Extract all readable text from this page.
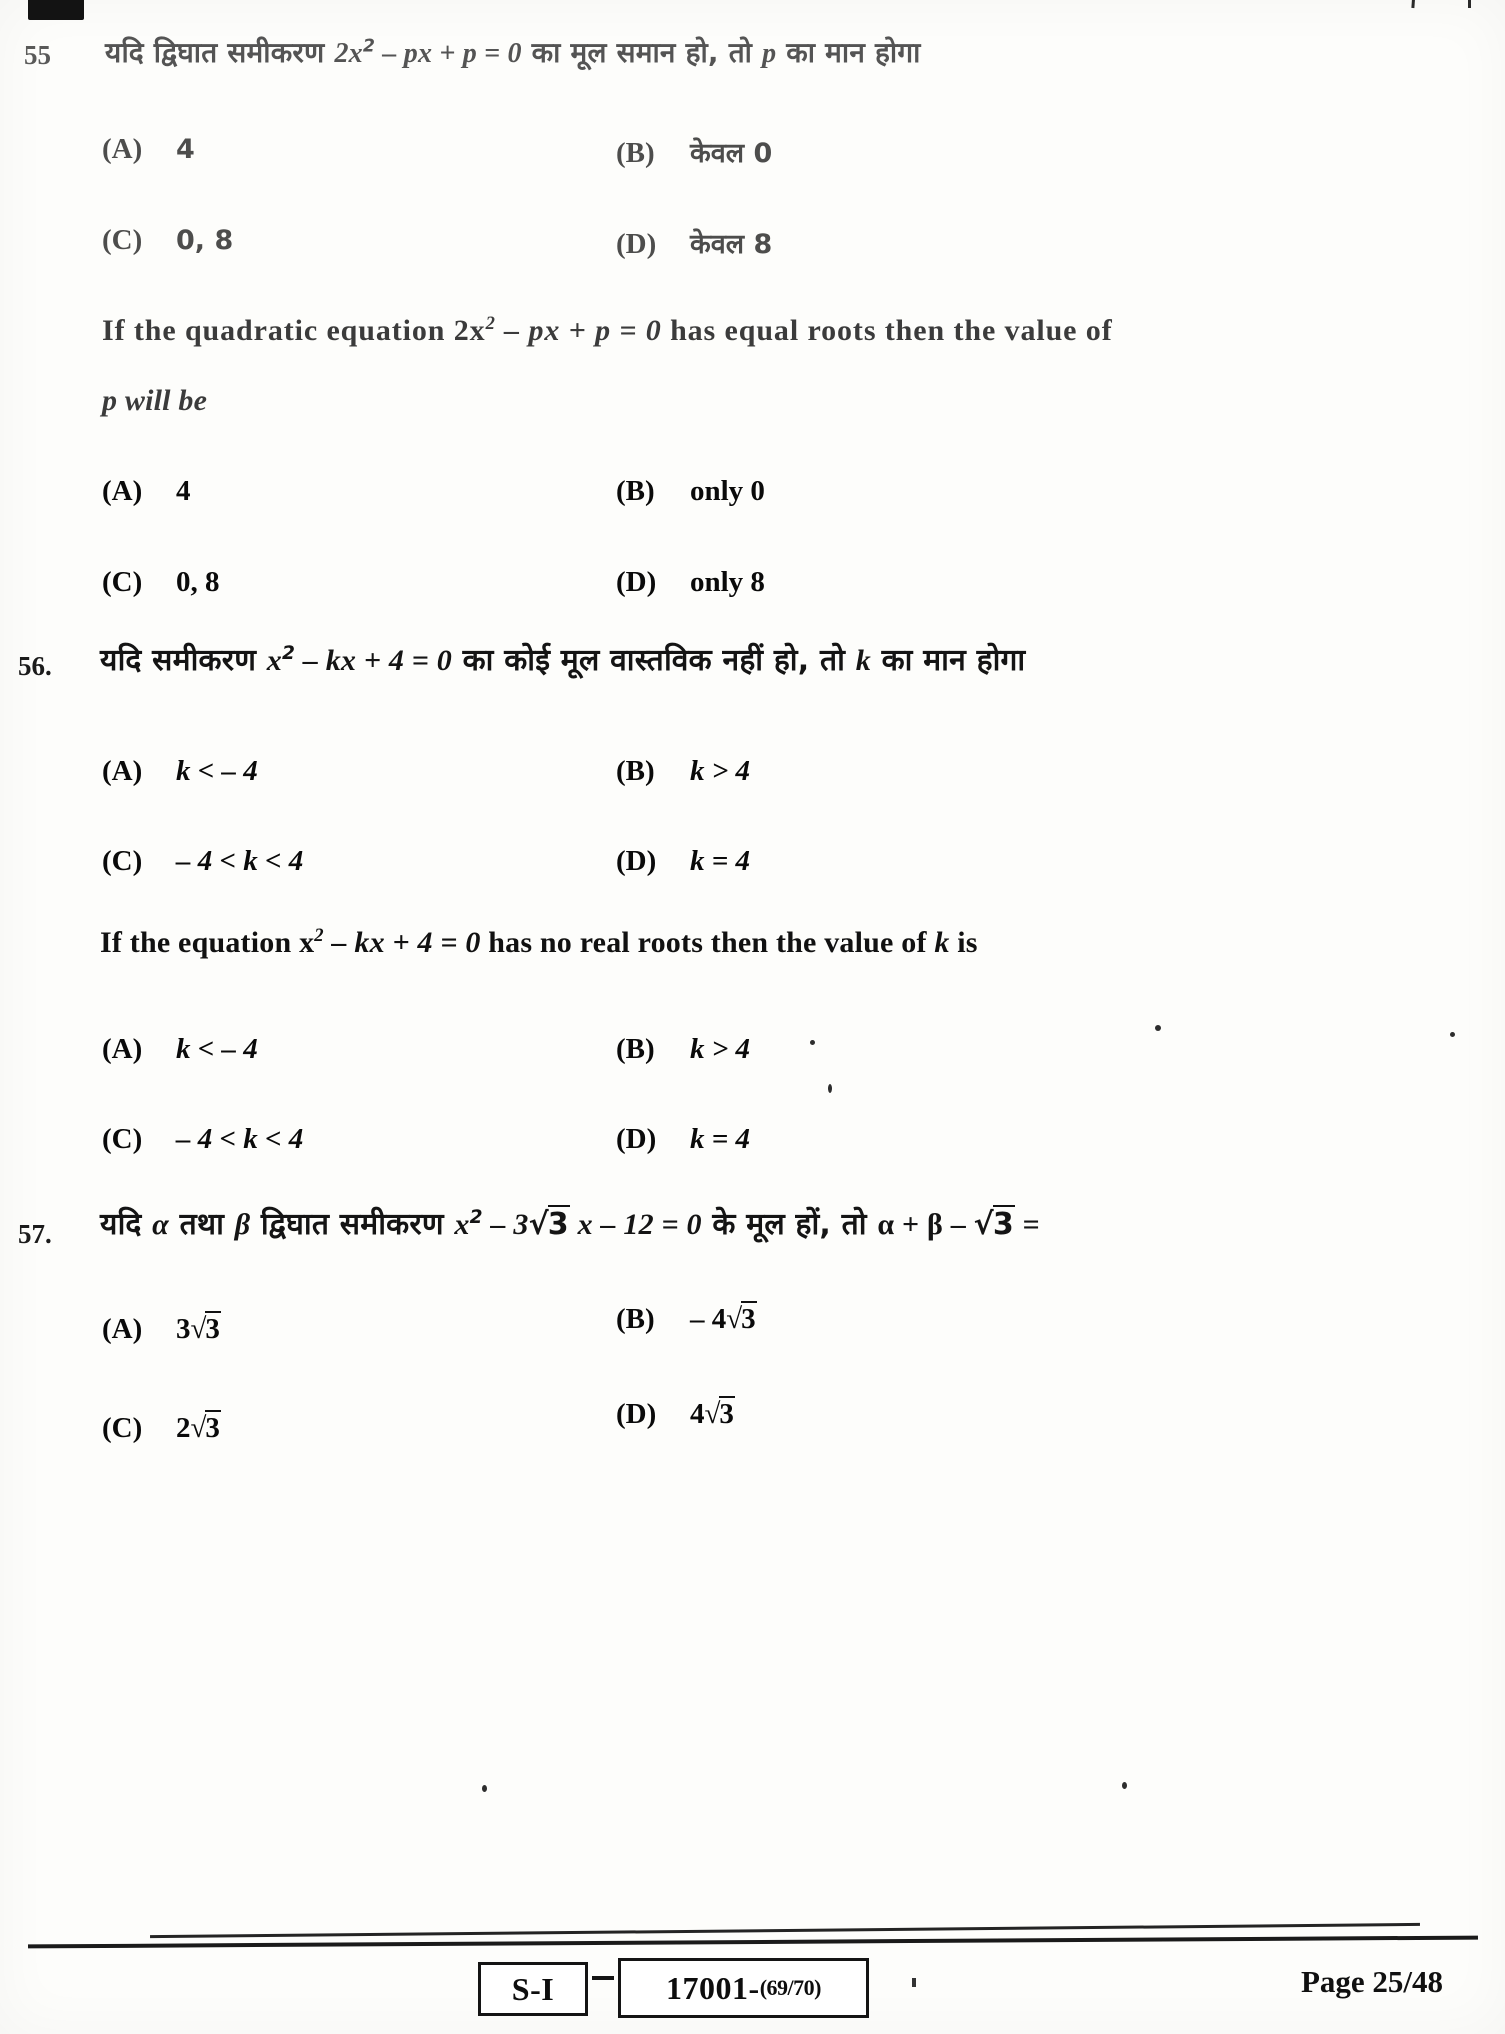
55 यदि द्विघात समीकरण $2x^2$ – px + p = 0 का मूल समान हो, तो p का मान होगा
(A) 4	(B) केवल 0
(C) 0, 8	(D) केवल 8
If the quadratic equation $2x^2$ – px + p = 0 has equal roots then the value of
p will be
(A) 4	(B) only 0
(C) 0, 8	(D) only 8
56. यदि समीकरण $x^2$ – kx + 4 = 0 का कोई मूल वास्तविक नहीं हो, तो k का मान होगा
(A) k < – 4	(B) k > 4
(C) – 4 < k < 4	(D) k = 4
If the equation $x^2$ – kx + 4 = 0 has no real roots then the value of k is
(A) k < – 4	(B) k > 4
(C) – 4 < k < 4	(D) k = 4
57. यदि α तथा β द्विघात समीकरण $x^2 - 3√3$ x – 12 = 0 के मूल हों, तो α + β – √3 =
(A) 3√3	(B) – 4√3
(C) 2√3	(D) 4√3
S-I	17001- (69/70)	Page 25/48
